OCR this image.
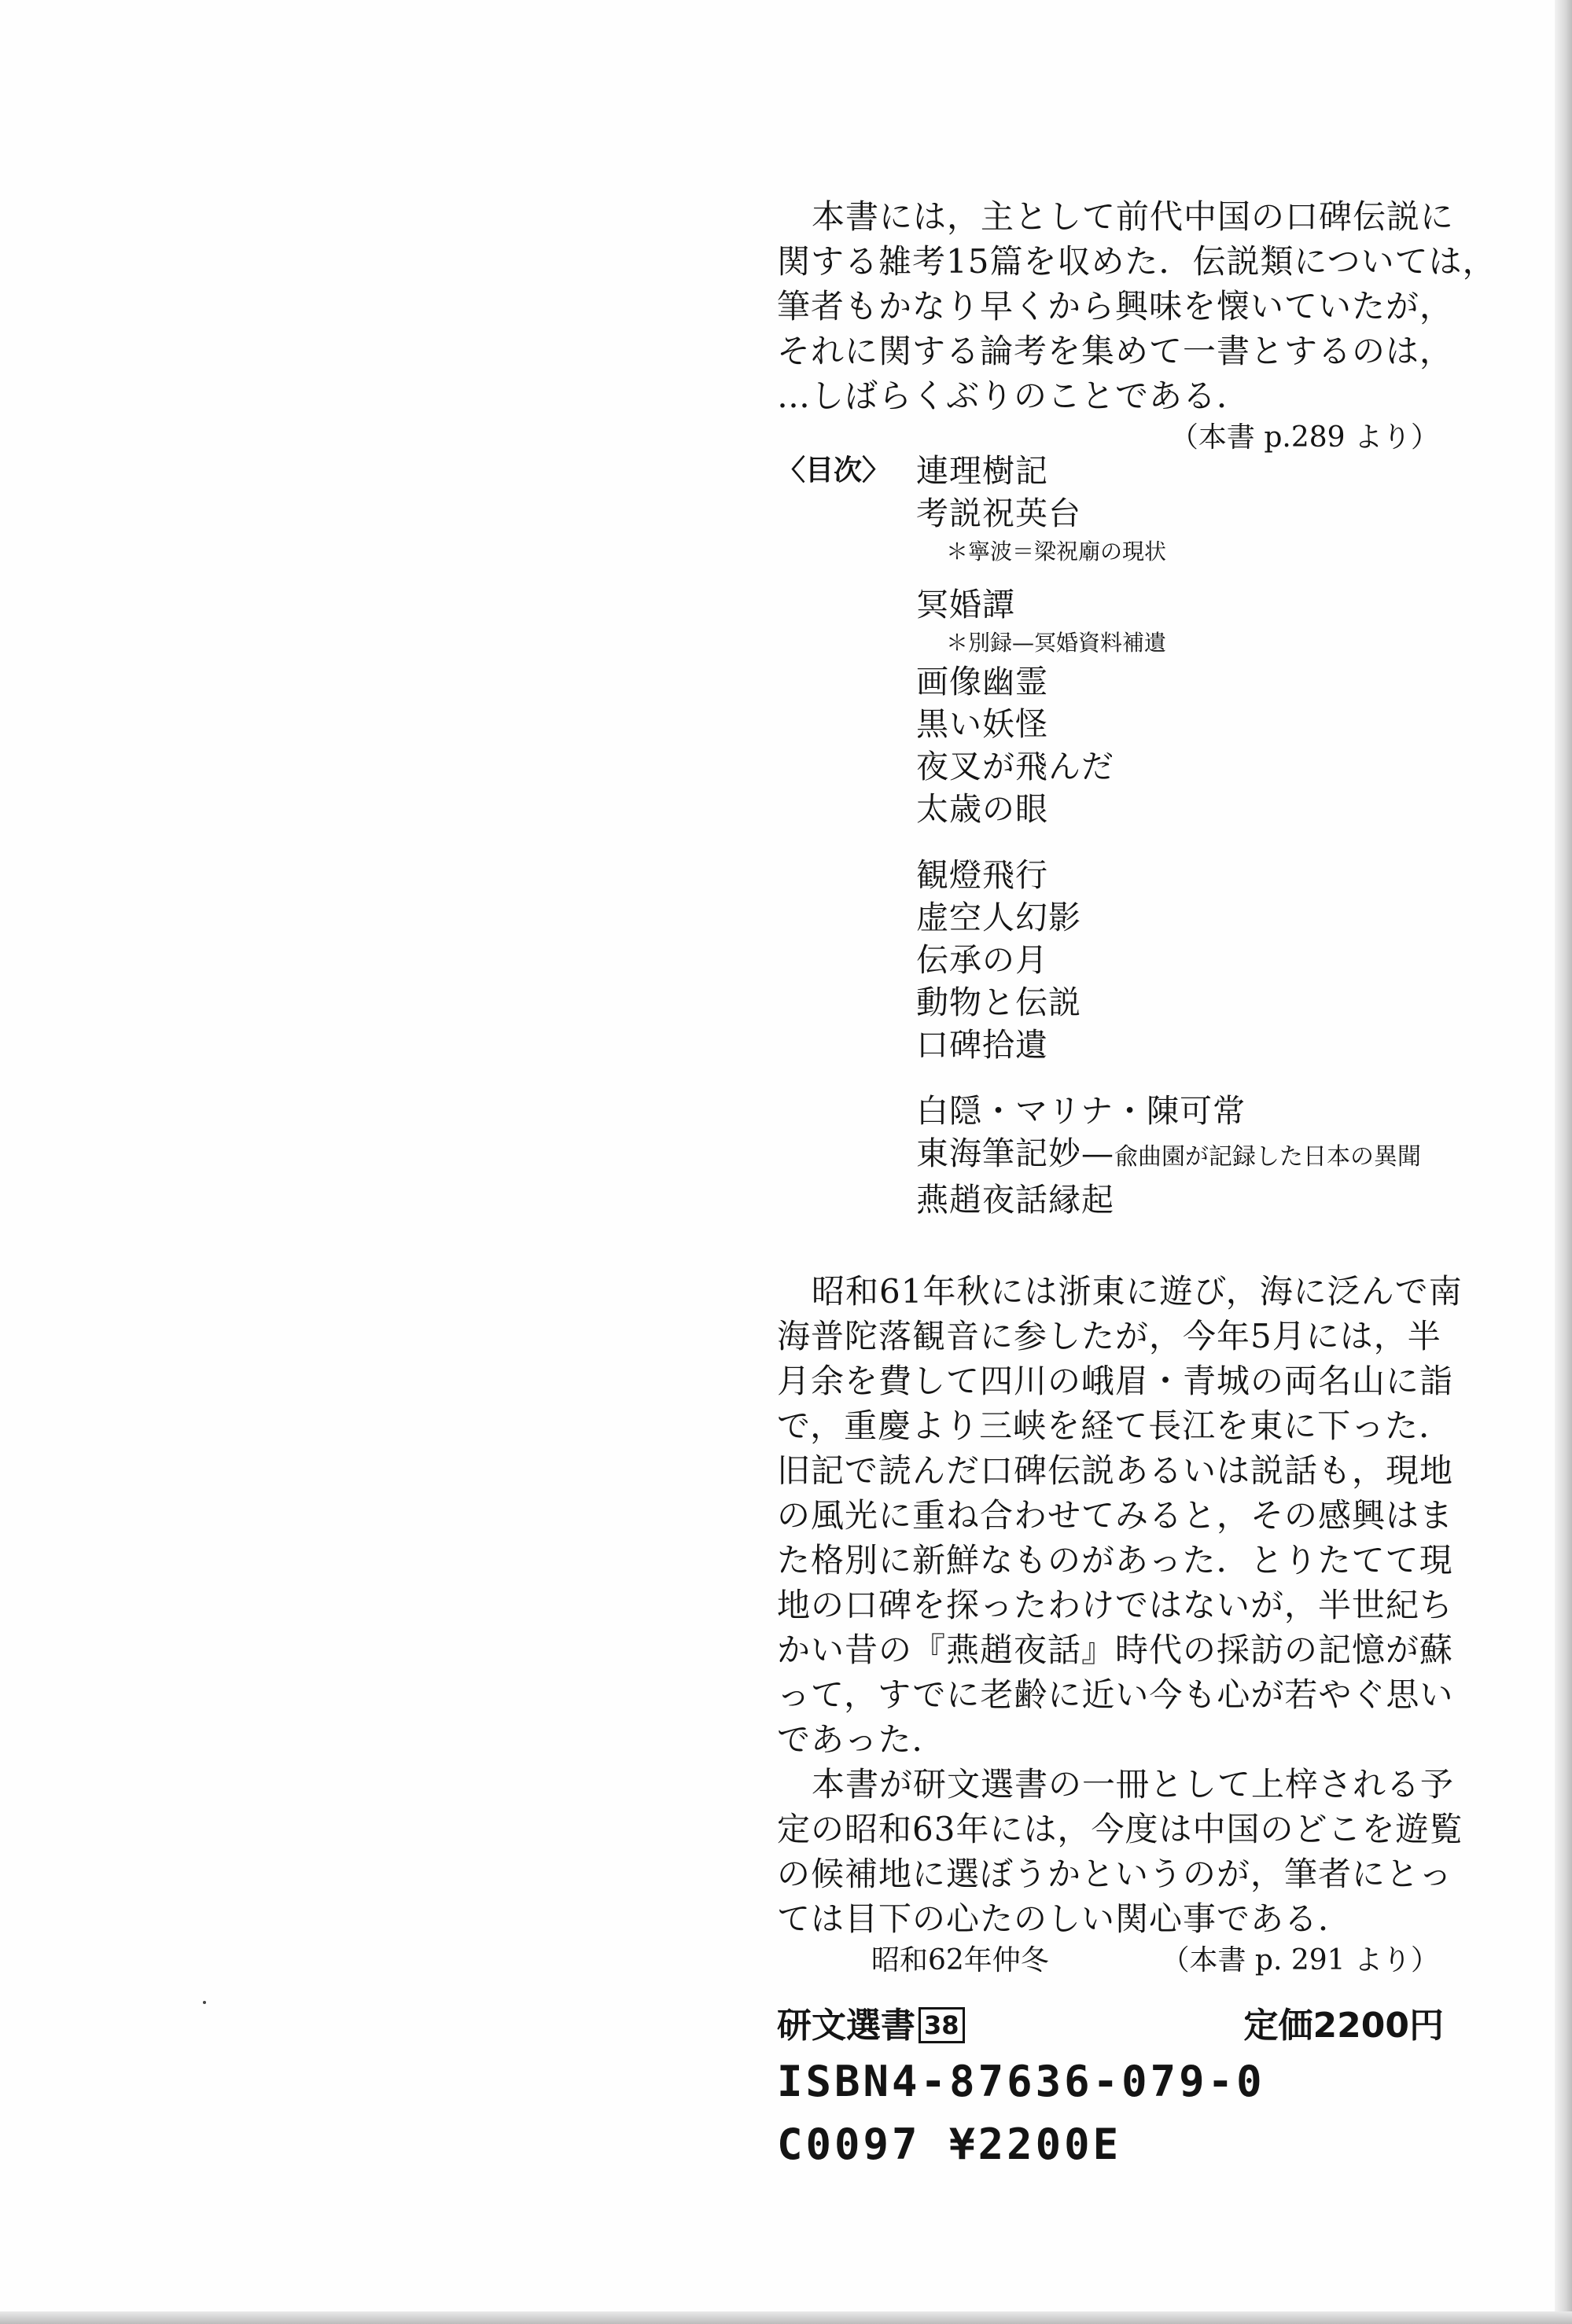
本書には，主として前代中国の口碑伝説に
関する雑考15篇を収めた．伝説類については，
筆者もかなり早くから興味を懐いていたが，
それに関する論考を集めて一書とするのは，
…しばらくぶりのことである．

（本書 p.289 より）
〈目次〉 連理樹記
考説祝英台
＊寧波＝梁祝廟の現状
冥婚譚
＊別録—冥婚資料補遺
画像幽霊
黒い妖怪
夜叉が飛んだ
太歳の眼
観燈飛行
虚空人幻影
伝承の月
動物と伝説
口碑拾遺
白隠・マリナ・陳可常
東海筆記妙—兪曲園が記録した日本の異聞
燕趙夜話縁起

昭和61年秋には浙東に遊び，海に泛んで南
海普陀落観音に参したが，今年5月には，半
月余を費して四川の峨眉・青城の両名山に詣
で，重慶より三峡を経て長江を東に下った．
旧記で読んだ口碑伝説あるいは説話も，現地
の風光に重ね合わせてみると，その感興はま
た格別に新鮮なものがあった．とりたてて現
地の口碑を探ったわけではないが，半世紀ち
かい昔の『燕趙夜話』時代の採訪の記憶が蘇
って，すでに老齢に近い今も心が若やぐ思い
であった．
本書が研文選書の一冊として上梓される予
定の昭和63年には，今度は中国のどこを遊覧
の候補地に選ぼうかというのが，筆者にとっ
ては目下の心たのしい関心事である．

昭和62年仲冬	（本書 p. 291 より）
研文選書 38	定価2200円
ISBN4-87636-079-0
C0097 ¥2200E
